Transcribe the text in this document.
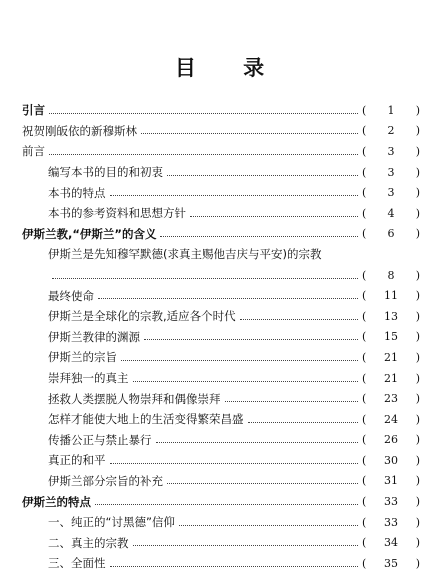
目 录
引言	(	1	)
祝贺刚皈依的新穆斯林	(	2	)
前言	(	3	)
编写本书的目的和初衷	(	3	)
本书的特点	(	3	)
本书的参考资料和思想方针	(	4	)
伊斯兰教,“伊斯兰”的含义	(	6	)
伊斯兰是先知穆罕默德(求真主赐他吉庆与平安)的宗教
(	8	)
最终使命	(	11	)
伊斯兰是全球化的宗教,适应各个时代	(	13	)
伊斯兰教律的渊源	(	15	)
伊斯兰的宗旨	(	21	)
崇拜独一的真主	(	21	)
拯救人类摆脱人物崇拜和偶像崇拜	(	23	)
怎样才能使大地上的生活变得繁荣昌盛	(	24	)
传播公正与禁止暴行	(	26	)
真正的和平	(	30	)
伊斯兰部分宗旨的补充	(	31	)
伊斯兰的特点	(	33	)
一、纯正的“讨黑德”信仰	(	33	)
二、真主的宗教	(	34	)
三、全面性	(	35	)
